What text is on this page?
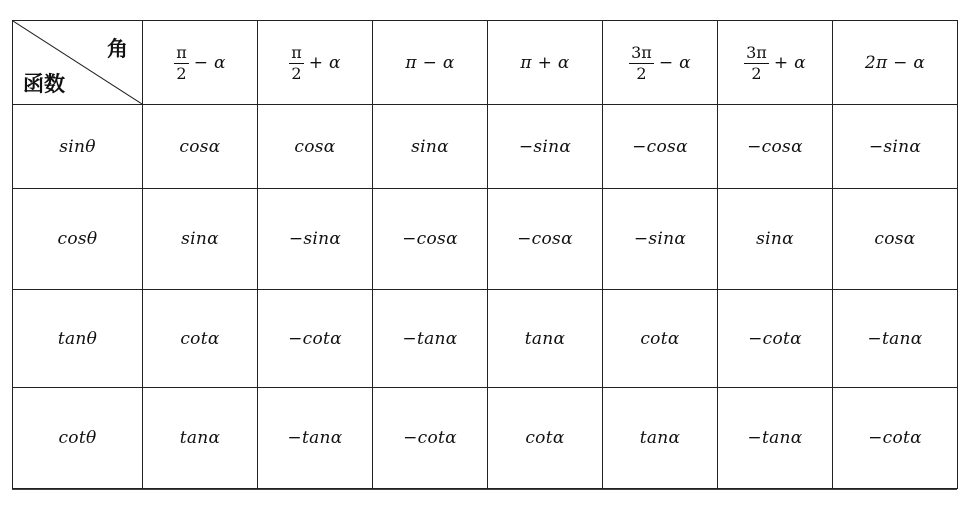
角
函数	$\frac{\pi}{2} - \alpha$	$\frac{\pi}{2} + \alpha$	π − α	π + α	$\frac{3\pi}{2} - \alpha$	$\frac{3\pi}{2} + \alpha$	2π − α
sinθ	cosα	cosα	sinα	−sinα	−cosα	−cosα	−sinα
cosθ	sinα	−sinα	−cosα	−cosα	−sinα	sinα	cosα
tanθ	cotα	−cotα	−tanα	tanα	cotα	−cotα	−tanα
cotθ	tanα	−tanα	−cotα	cotα	tanα	−tanα	−cotα
